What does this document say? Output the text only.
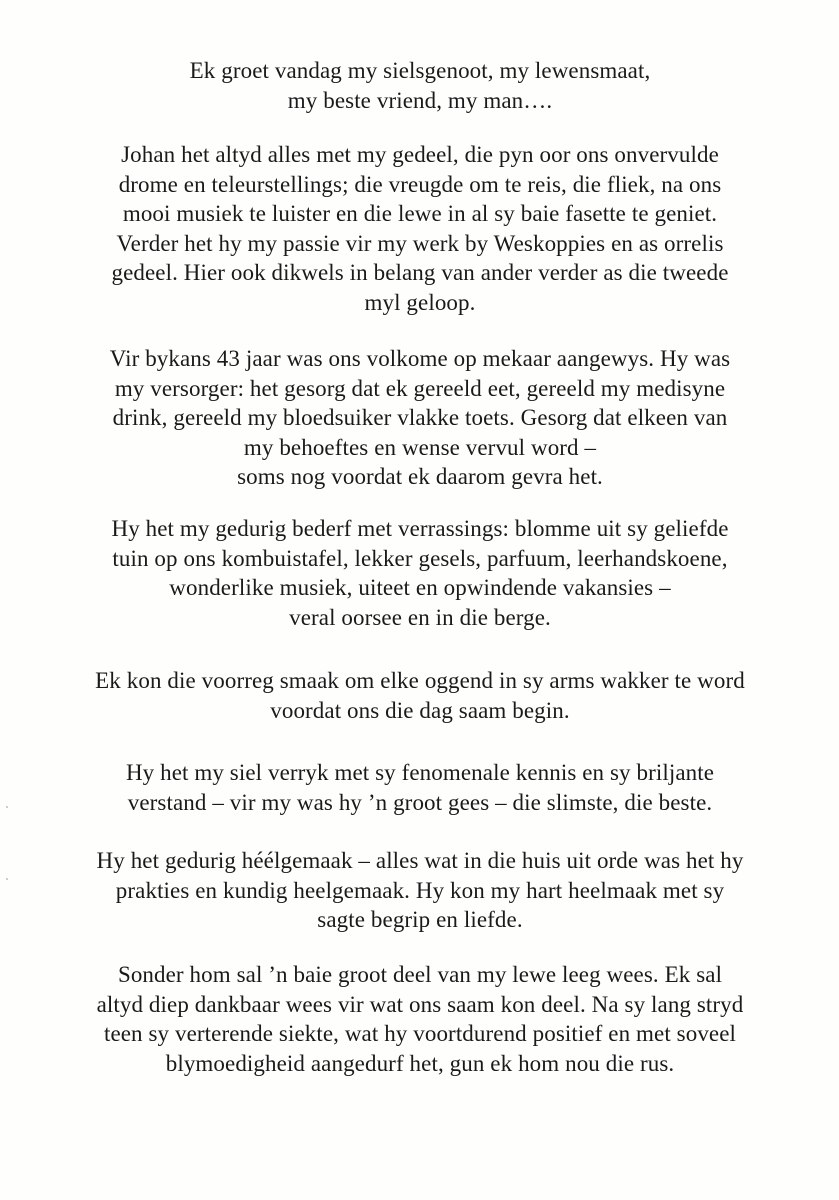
Ek groet vandag my sielsgenoot, my lewensmaat,
my beste vriend, my man….
Johan het altyd alles met my gedeel, die pyn oor ons onvervulde
drome en teleurstellings; die vreugde om te reis, die fliek, na ons
mooi musiek te luister en die lewe in al sy baie fasette te geniet.
Verder het hy my passie vir my werk by Weskoppies en as orrelis
gedeel. Hier ook dikwels in belang van ander verder as die tweede
myl geloop.
Vir bykans 43 jaar was ons volkome op mekaar aangewys. Hy was
my versorger: het gesorg dat ek gereeld eet, gereeld my medisyne
drink, gereeld my bloedsuiker vlakke toets. Gesorg dat elkeen van
my behoeftes en wense vervul word –
soms nog voordat ek daarom gevra het.
Hy het my gedurig bederf met verrassings: blomme uit sy geliefde
tuin op ons kombuistafel, lekker gesels, parfuum, leerhandskoene,
wonderlike musiek, uiteet en opwindende vakansies –
veral oorsee en in die berge.
Ek kon die voorreg smaak om elke oggend in sy arms wakker te word
voordat ons die dag saam begin.
Hy het my siel verryk met sy fenomenale kennis en sy briljante
verstand – vir my was hy ’n groot gees – die slimste, die beste.
Hy het gedurig héélgemaak – alles wat in die huis uit orde was het hy
prakties en kundig heelgemaak. Hy kon my hart heelmaak met sy
sagte begrip en liefde.
Sonder hom sal ’n baie groot deel van my lewe leeg wees. Ek sal
altyd diep dankbaar wees vir wat ons saam kon deel. Na sy lang stryd
teen sy verterende siekte, wat hy voortdurend positief en met soveel
blymoedigheid aangedurf het, gun ek hom nou die rus.
